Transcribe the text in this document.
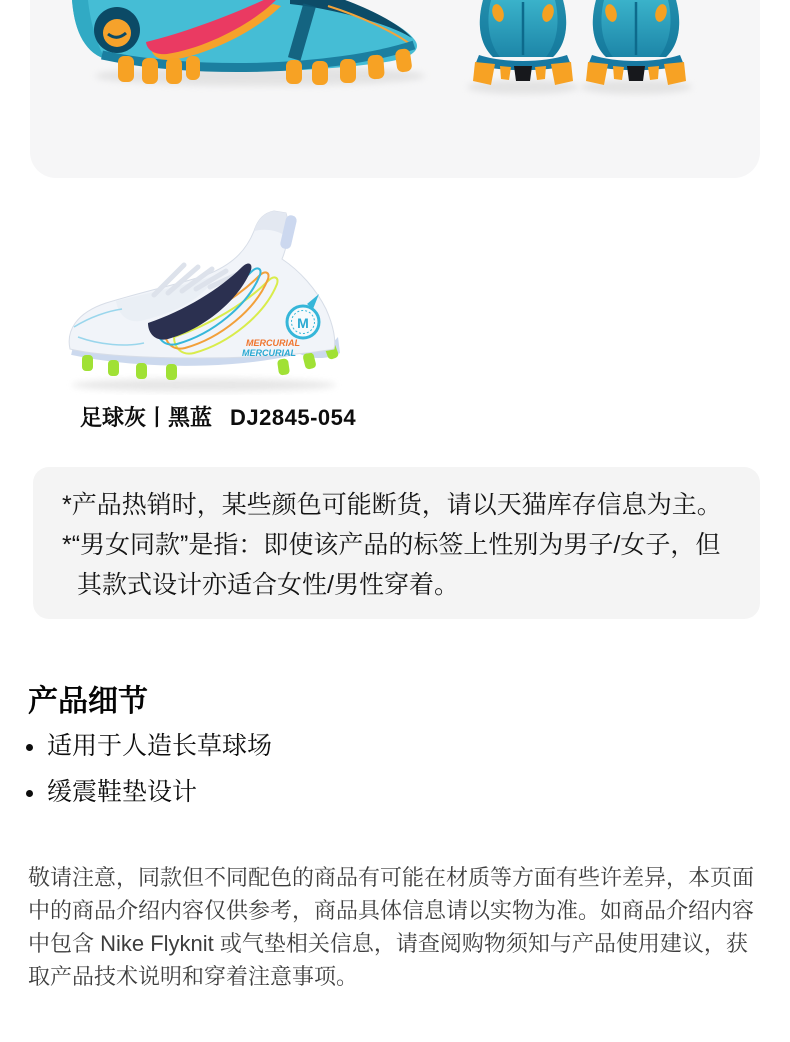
MERCURIAL
MERCURIAL
M
足球灰丨黑蓝 DJ2845-054

*产品热销时，某些颜色可能断货，请以天猫库存信息为主。

*“男女同款”是指：即使该产品的标签上性别为男子/女子，但其款式设计亦适合女性/男性穿着。

产品细节
• 适用于人造长草球场
• 缓震鞋垫设计

敬请注意，同款但不同配色的商品有可能在材质等方面有些许差异，本页面中的商品介绍内容仅供参考，商品具体信息请以实物为准。如商品介绍内容中包含 Nike Flyknit 或气垫相关信息，请查阅购物须知与产品使用建议，获取产品技术说明和穿着注意事项。
